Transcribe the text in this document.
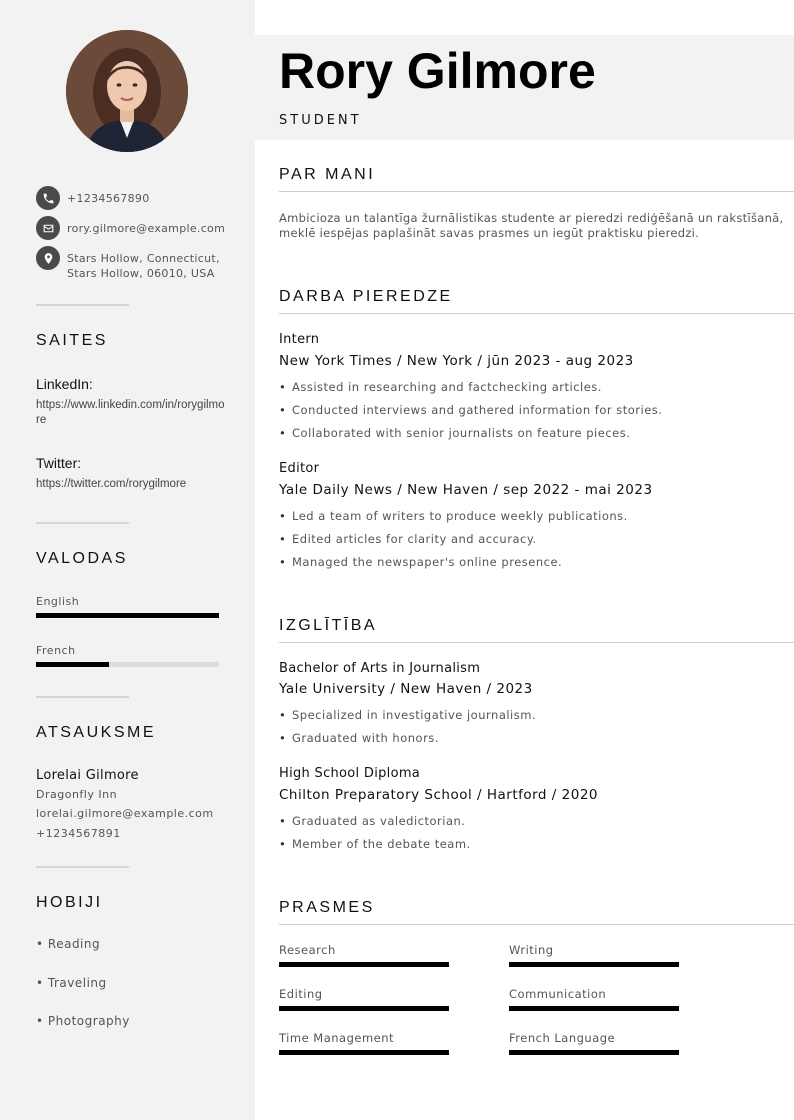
+1234567890
rory.gilmore@example.com
Stars Hollow, Connecticut,
Stars Hollow, 06010, USA
SAITES
LinkedIn:
https://www.linkedin.com/in/rorygilmore
Twitter:
https://twitter.com/rorygilmore
VALODAS
English
French
ATSAUKSME
Lorelai Gilmore
Dragonfly Inn
lorelai.gilmore@example.com
+1234567891
HOBIJI
• Reading
• Traveling
• Photography
Rory Gilmore
STUDENT
PAR MANI
Ambicioza un talantīga žurnālistikas studente ar pieredzi rediģēšanā un rakstīšanā, meklē iespējas paplašināt savas prasmes un iegūt praktisku pieredzi.
DARBA PIEREDZE
Intern
New York Times / New York / jūn 2023 - aug 2023
• Assisted in researching and factchecking articles.
• Conducted interviews and gathered information for stories.
• Collaborated with senior journalists on feature pieces.
Editor
Yale Daily News / New Haven / sep 2022 - mai 2023
• Led a team of writers to produce weekly publications.
• Edited articles for clarity and accuracy.
• Managed the newspaper's online presence.
IZGLĪTĪBA
Bachelor of Arts in Journalism
Yale University / New Haven / 2023
• Specialized in investigative journalism.
• Graduated with honors.
High School Diploma
Chilton Preparatory School / Hartford / 2020
• Graduated as valedictorian.
• Member of the debate team.
PRASMES
Research	Writing
Editing	Communication
Time Management	French Language
